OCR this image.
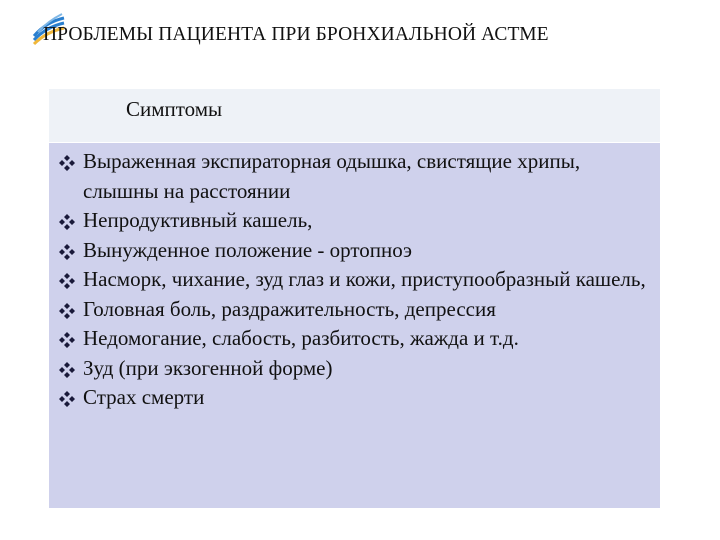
ПРОБЛЕМЫ ПАЦИЕНТА ПРИ БРОНХИАЛЬНОЙ АСТМЕ
Симптомы
Выраженная экспираторная одышка, свистящие хрипы, слышны на расстоянии
Непродуктивный кашель,
Вынужденное положение - ортопноэ
Насморк, чихание, зуд глаз и кожи, приступообразный кашель,
Головная боль, раздражительность, депрессия
Недомогание, слабость, разбитость, жажда и т.д.
Зуд (при экзогенной форме)
Страх смерти
